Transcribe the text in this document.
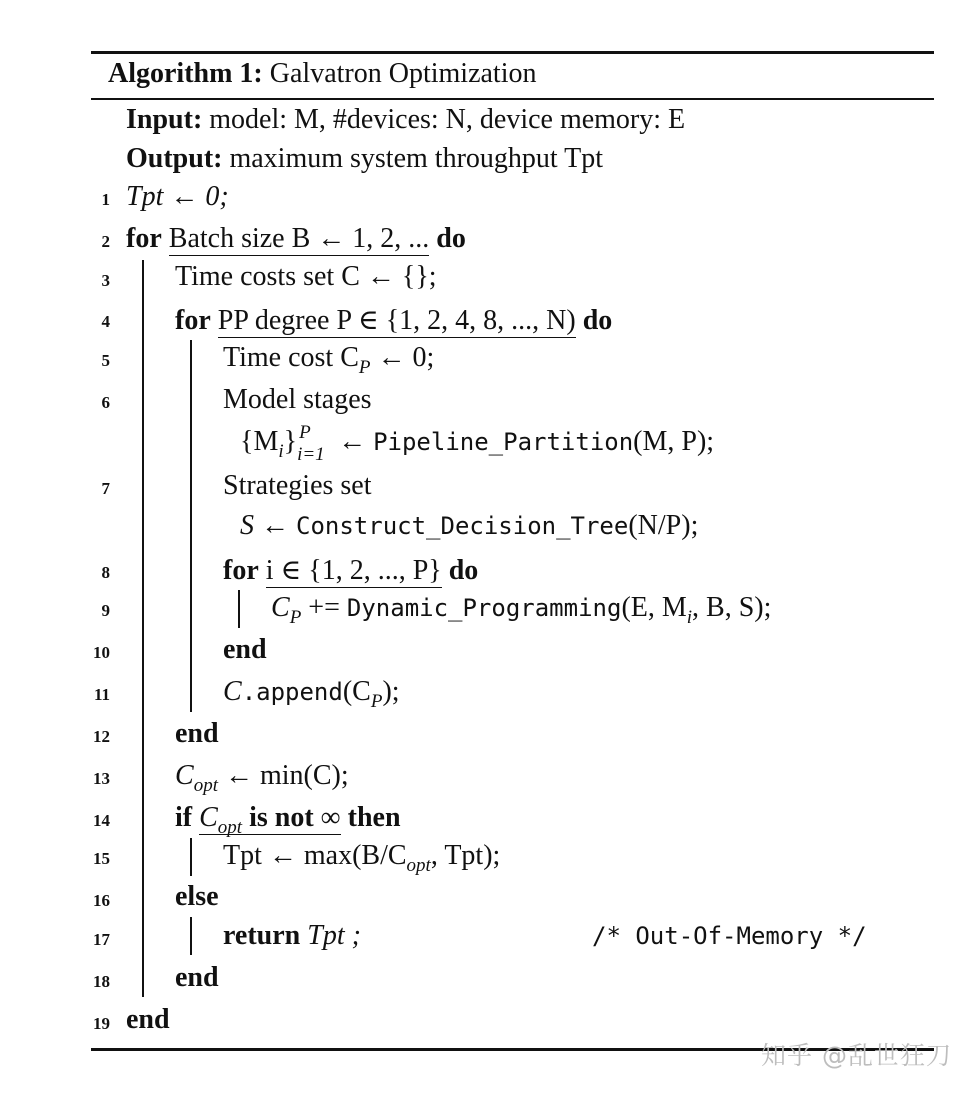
Algorithm 1: Galvatron Optimization
Input: model: M, #devices: N, device memory: E
Output: maximum system throughput Tpt
1
2
3
4
5
6
7
8
9
10
11
12
13
14
15
16
17
18
19
Tpt ← 0;
for Batch size B ← 1, 2, ... do
Time costs set C ← {};
for PP degree P ∈ {1, 2, 4, 8, ..., N) do
Time cost $C_P$ ← 0;
Model stages
$\{M_i\}$ P
i=1 ← Pipeline_Partition(M, P);
Strategies set
S ← Construct_Decision_Tree(N/P);
for i ∈ {1, 2, ..., P} do
$C_P$ += Dynamic_Programming(E, $M_i$, B, S);
end
$C.append(C_P)$;
end
$C_{opt}$ ← min(C);
if $C_{opt}$ is not ∞ then
Tpt ← $\max(B/C_{opt}$, Tpt);
else
return Tpt ;	/* Out-Of-Memory */
end
end
知乎 @乱世狂刀
